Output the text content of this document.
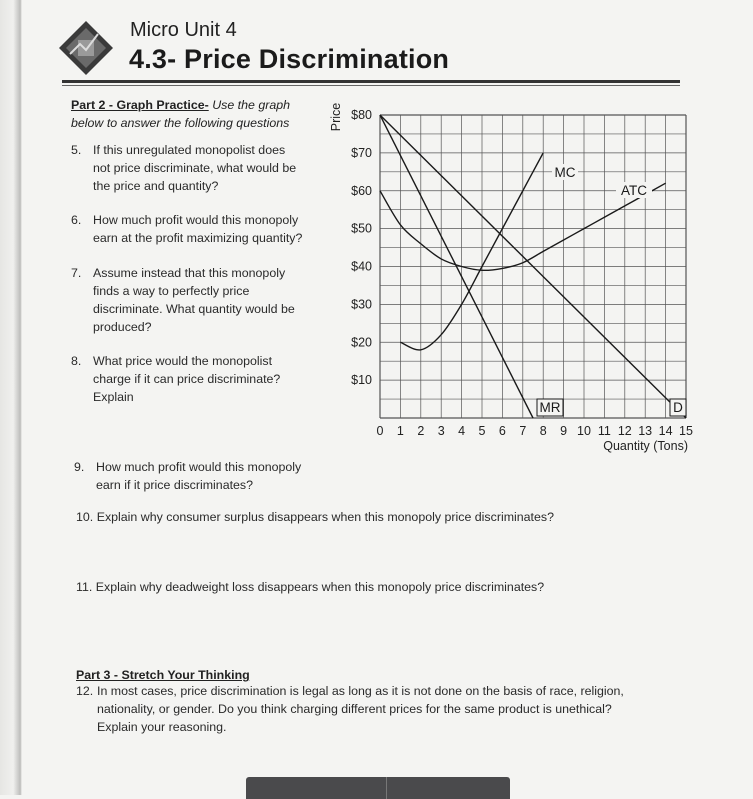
Micro Unit 4
4.3- Price Discrimination
Part 2 - Graph Practice- Use the graph below to answer the following questions
5. If this unregulated monopolist does
not price discriminate, what would be
the price and quantity?
6. How much profit would this monopoly
earn at the profit maximizing quantity?
7. Assume instead that this monopoly
finds a way to perfectly price
discriminate. What quantity would be
produced?
8. What price would the monopolist
charge if it can price discriminate?
Explain
9. How much profit would this monopoly
earn if it price discriminates?
10. Explain why consumer surplus disappears when this monopoly price discriminates?
11. Explain why deadweight loss disappears when this monopoly price discriminates?
Part 3 - Stretch Your Thinking
12. In most cases, price discrimination is legal as long as it is not done on the basis of race, religion,
nationality, or gender. Do you think charging different prices for the same product is unethical?
Explain your reasoning.
$80
$70
$60
$50
$40
$30
$20
$10
0 1 2 3 4 5 6 7 8 9 10 11 12 13 14 15
Price
Quantity (Tons)
D
MR
MC
ATC
